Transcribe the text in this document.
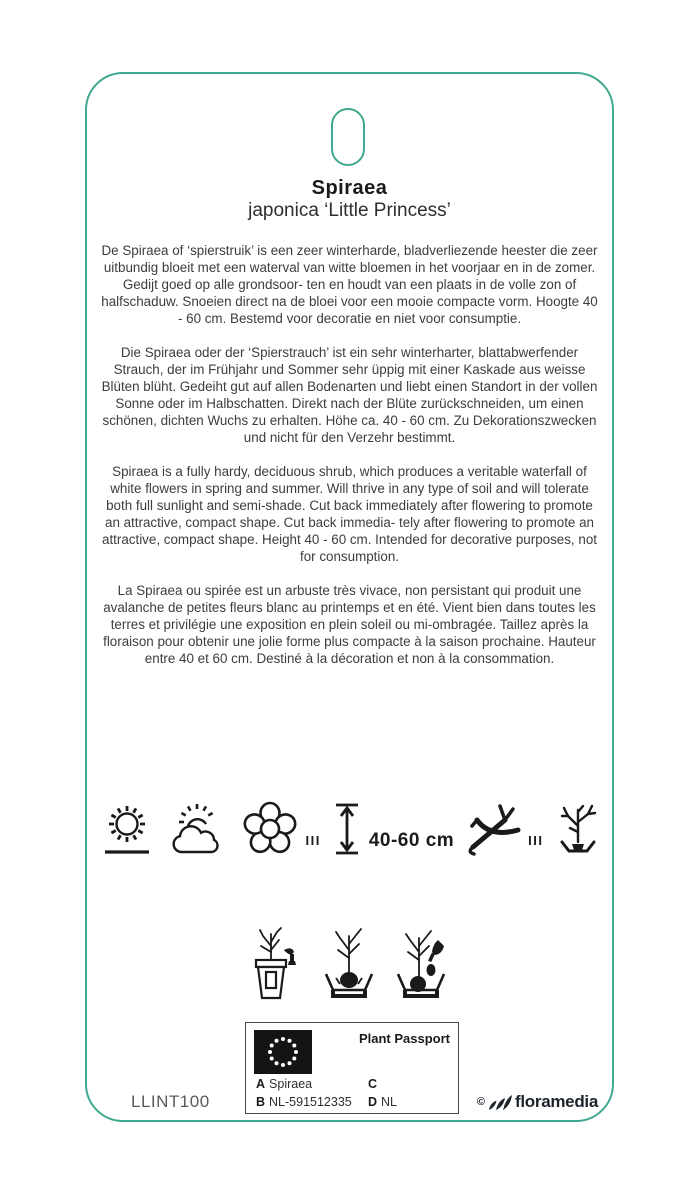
Spiraea
japonica ‘Little Princess’

De Spiraea of ‘spierstruik’ is een zeer winterharde, bladverliezende heester die zeer uitbundig bloeit met een waterval van witte bloemen in het voorjaar en in de zomer. Gedijt goed op alle grondsoor- ten en houdt van een plaats in de volle zon of halfschaduw. Snoeien direct na de bloei voor een mooie compacte vorm. Hoogte 40 - 60 cm. Bestemd voor decoratie en niet voor consumptie.

Die Spiraea oder der ‘Spierstrauch’ ist ein sehr winterharter, blattabwerfender Strauch, der im Frühjahr und Sommer sehr üppig mit einer Kaskade aus weisse Blüten blüht. Gedeiht gut auf allen Bodenarten und liebt einen Standort in der vollen Sonne oder im Halbschatten. Direkt nach der Blüte zurückschneiden, um einen schönen, dichten Wuchs zu erhalten. Höhe ca. 40 - 60 cm. Zu Dekorationszwecken und nicht für den Verzehr bestimmt.

Spiraea is a fully hardy, deciduous shrub, which produces a veritable waterfall of white flowers in spring and summer. Will thrive in any type of soil and will tolerate both full sunlight and semi-shade. Cut back immediately after flowering to promote an attractive, compact shape. Cut back immedia- tely after flowering to promote an attractive, compact shape. Height 40 - 60 cm. Intended for decorative purposes, not for consumption.

La Spiraea ou spirée est un arbuste très vivace, non persistant qui produit une avalanche de petites fleurs blanc au printemps et en été. Vient bien dans toutes les terres et privilégie une exposition en plein soleil ou mi-ombragée. Taillez après la floraison pour obtenir une jolie forme plus compacte à la saison prochaine. Hauteur entre 40 et 60 cm. Destiné à la décoration et non à la consommation.

III	40-60 cm	III
Plant Passport
A Spiraea
B NL-591512335
C
D NL
LLINT100	© floramedia
